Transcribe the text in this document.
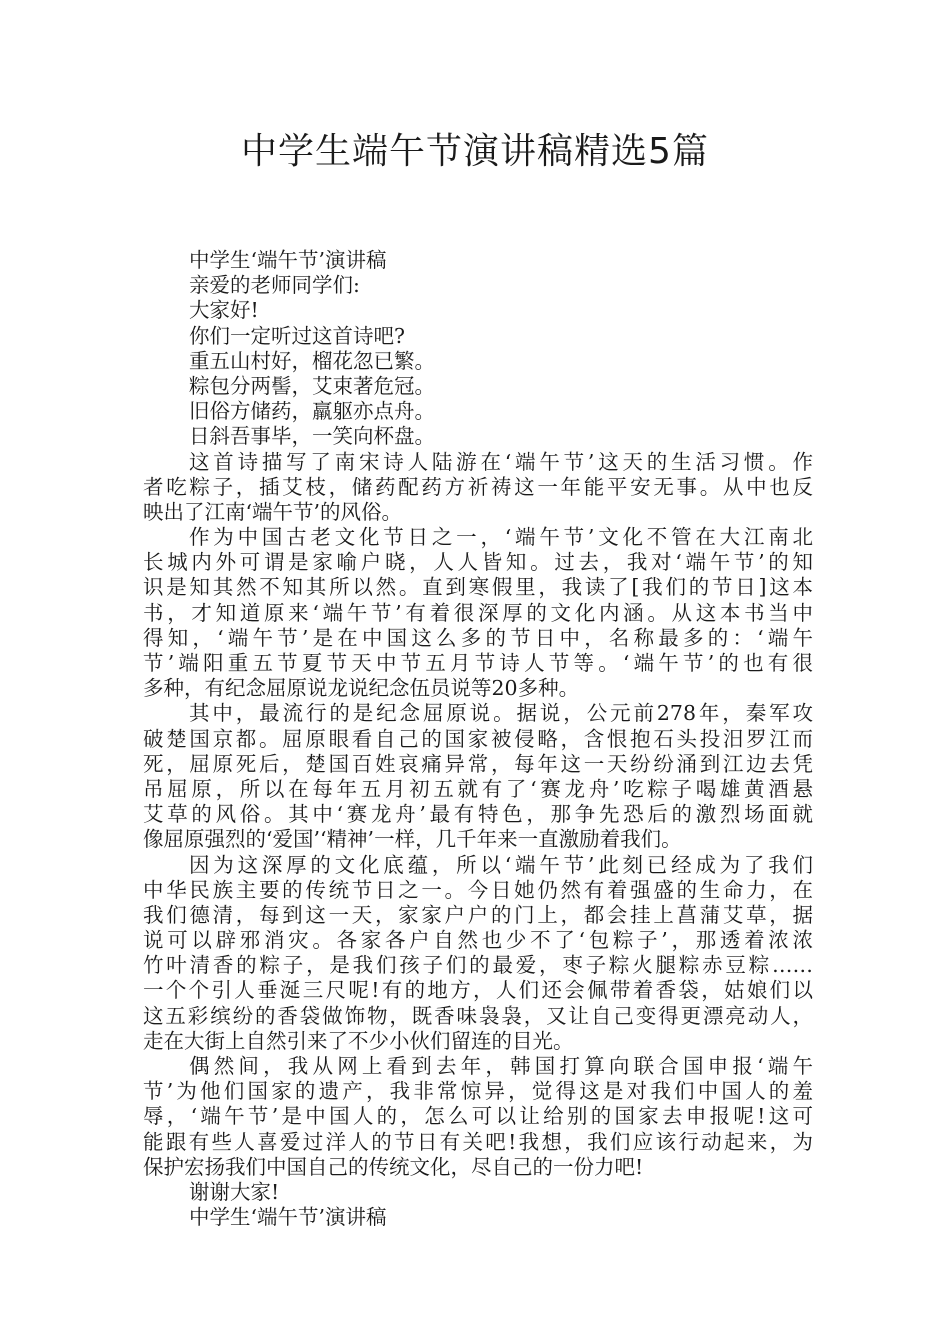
中学生端午节演讲稿精选5篇
中学生‘端午节’演讲稿
亲爱的老师同学们:
大家好!
你们一定听过这首诗吧?
重五山村好，榴花忽已繁。
粽包分两髻，艾束著危冠。
旧俗方储药，羸躯亦点舟。
日斜吾事毕，一笑向杯盘。
这首诗描写了南宋诗人陆游在‘端午节’这天的生活习惯。作
者吃粽子，插艾枝，储药配药方祈祷这一年能平安无事。从中也反
映出了江南‘端午节’的风俗。
作为中国古老文化节日之一，‘端午节’文化不管在大江南北
长城内外可谓是家喻户晓，人人皆知。过去，我对‘端午节’的知
识是知其然不知其所以然。直到寒假里，我读了[我们的节日]这本
书，才知道原来‘端午节’有着很深厚的文化内涵。从这本书当中
得知，‘端午节’是在中国这么多的节日中，名称最多的：‘端午
节’端阳重五节夏节天中节五月节诗人节等。‘端午节’的也有很
多种，有纪念屈原说龙说纪念伍员说等20多种。
其中，最流行的是纪念屈原说。据说，公元前278年，秦军攻
破楚国京都。屈原眼看自己的国家被侵略，含恨抱石头投汨罗江而
死，屈原死后，楚国百姓哀痛异常，每年这一天纷纷涌到江边去凭
吊屈原，所以在每年五月初五就有了‘赛龙舟’吃粽子喝雄黄酒悬
艾草的风俗。其中‘赛龙舟’最有特色，那争先恐后的激烈场面就
像屈原强烈的‘爱国’‘精神’一样，几千年来一直激励着我们。
因为这深厚的文化底蕴，所以‘端午节’此刻已经成为了我们
中华民族主要的传统节日之一。今日她仍然有着强盛的生命力，在
我们德清，每到这一天，家家户户的门上，都会挂上菖蒲艾草，据
说可以辟邪消灾。各家各户自然也少不了‘包粽子’，那透着浓浓
竹叶清香的粽子，是我们孩子们的最爱，枣子粽火腿粽赤豆粽……
一个个引人垂涎三尺呢!有的地方，人们还会佩带着香袋，姑娘们以
这五彩缤纷的香袋做饰物，既香味袅袅，又让自己变得更漂亮动人，
走在大街上自然引来了不少小伙们留连的目光。
偶然间，我从网上看到去年，韩国打算向联合国申报‘端午
节’为他们国家的遗产，我非常惊异，觉得这是对我们中国人的羞
辱，‘端午节’是中国人的，怎么可以让给别的国家去申报呢!这可
能跟有些人喜爱过洋人的节日有关吧!我想，我们应该行动起来，为
保护宏扬我们中国自己的传统文化，尽自己的一份力吧!
谢谢大家!
中学生‘端午节’演讲稿
